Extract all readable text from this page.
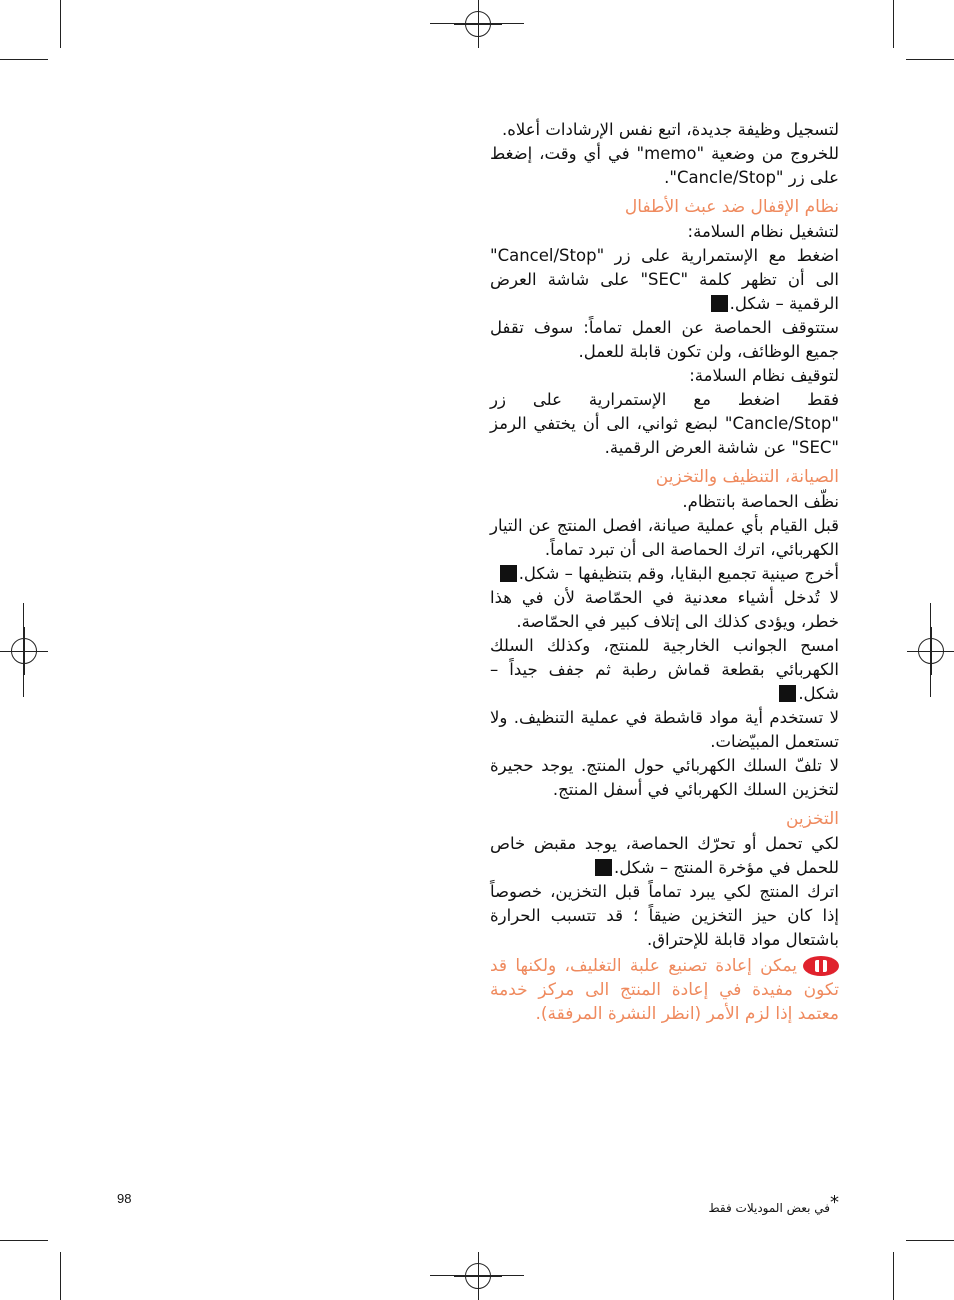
لتسجيل وظيفة جديدة، اتبع نفس الإرشادات أعلاه.

للخروج من وضعية "memo" في أي وقت، إضغط على زر "Cancle/Stop".

نظام الإقفال ضد عبث الأطفال

لتشغيل نظام السلامة:

اضغط مع الإستمرارية على زر "Cancel/Stop" الى أن تظهر كلمة "SEC" على شاشة العرض الرقمية – شكل.

ستتوقف الحماصة عن العمل تماماً: سوف تقفل جميع الوظائف، ولن تكون قابلة للعمل.

لتوقيف نظام السلامة:

فقط اضغط مع الإستمرارية على زر "Cancle/Stop" لبضع ثواني، الى أن يختفي الرمز "SEC" عن شاشة العرض الرقمية.

الصيانة، التنظيف والتخزين

نظّف الحماصة بانتظام.

قبل القيام بأي عملية صيانة، افصل المنتج عن التيار الكهربائي، اترك الحماصة الى أن تبرد تماماً.

أخرج صينية تجميع البقايا، وقم بتنظيفها – شكل.

لا تُدخل أشياء معدنية في الحمّاصة لأن في هذا خطر، ويؤدى كذلك الى إتلاف كبير في الحمّاصة.

امسح الجوانب الخارجية للمنتج، وكذلك السلك الكهربائي بقطعة قماش رطبة ثم جفف جيداً – شكل.

لا تستخدم أية مواد قاشطة في عملية التنظيف. ولا تستعمل المبيّضات.

لا تلفّ السلك الكهربائي حول المنتج. يوجد حجيرة لتخزين السلك الكهربائي في أسفل المنتج.

التخزين

لكي تحمل أو تحرّك الحماصة، يوجد مقبض خاص للحمل في مؤخرة المنتج – شكل.

اترك المنتج لكي يبرد تماماً قبل التخزين، خصوصاً إذا كان حيز التخزين ضيقاً ؛ قد تتسبب الحرارة باشتعال مواد قابلة للإحتراق.

يمكن إعادة تصنيع علبة التغليف، ولكنها قد تكون مفيدة في إعادة المنتج الى مركز خدمة معتمد إذا لزم الأمر (انظر النشرة المرفقة).

98	*في بعض الموديلات فقط
